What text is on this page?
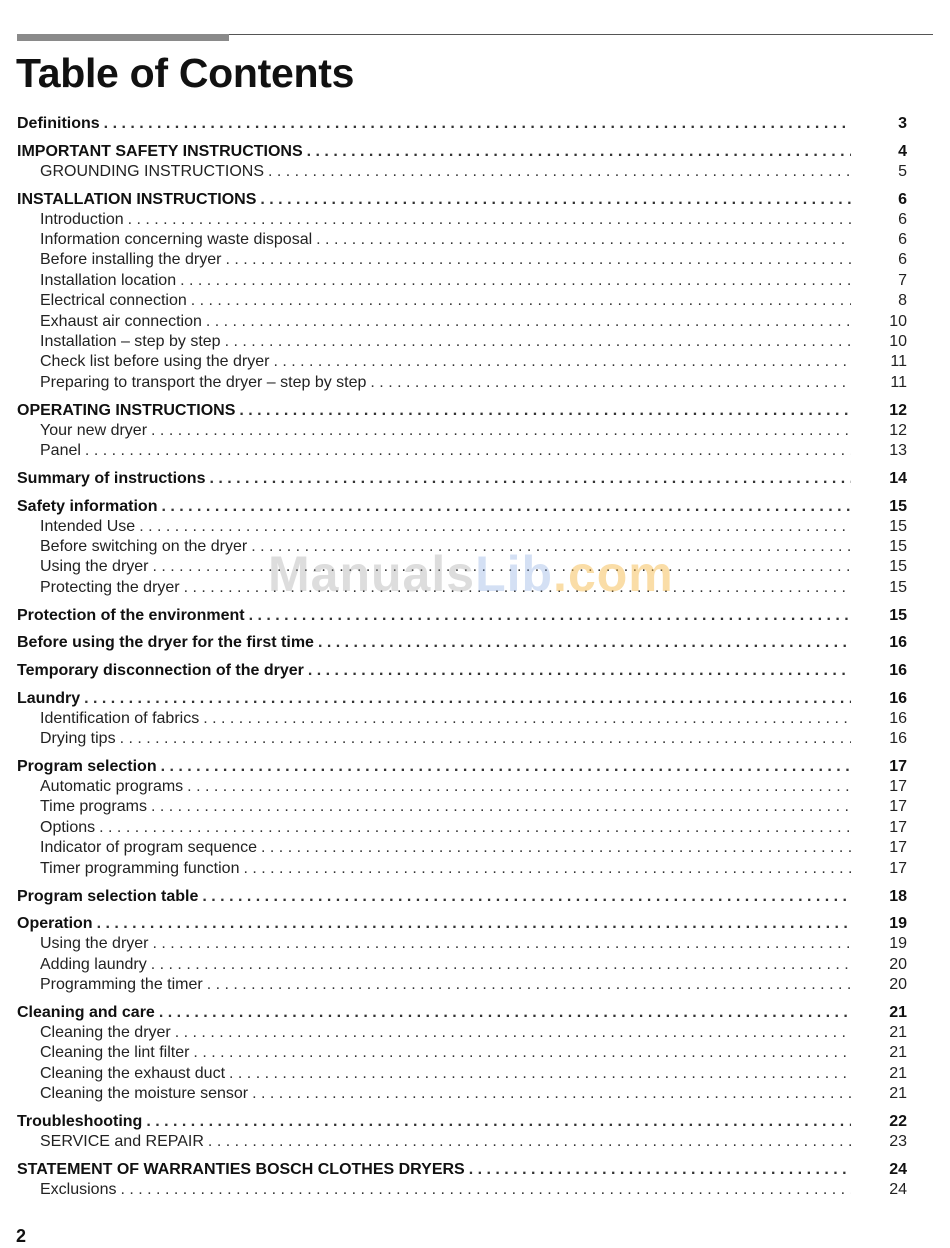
Table of Contents
Definitions . . .	3
IMPORTANT SAFETY INSTRUCTIONS . . .	4
GROUNDING INSTRUCTIONS . . .	5
INSTALLATION INSTRUCTIONS . . .	6
Introduction . . .	6
Information concerning waste disposal . . .	6
Before installing the dryer . . .	6
Installation location . . .	7
Electrical connection . . .	8
Exhaust air connection . . .	10
Installation – step by step . . .	10
Check list before using the dryer . . .	11
Preparing to transport the dryer – step by step . . .	11
OPERATING INSTRUCTIONS . . .	12
Your new dryer . . .	12
Panel . . .	13
Summary of instructions . . .	14
Safety information . . .	15
Intended Use . . .	15
Before switching on the dryer . . .	15
Using the dryer . . .	15
Protecting the dryer . . .	15
Protection of the environment . . .	15
Before using the dryer for the first time . . .	16
Temporary disconnection of the dryer . . .	16
Laundry . . .	16
Identification of fabrics . . .	16
Drying tips . . .	16
Program selection . . .	17
Automatic programs . . .	17
Time programs . . .	17
Options . . .	17
Indicator of program sequence . . .	17
Timer programming function . . .	17
Program selection table . . .	18
Operation . . .	19
Using the dryer . . .	19
Adding laundry . . .	20
Programming the timer . . .	20
Cleaning and care . . .	21
Cleaning the dryer . . .	21
Cleaning the lint filter . . .	21
Cleaning the exhaust duct . . .	21
Cleaning the moisture sensor . . .	21
Troubleshooting . . .	22
SERVICE and REPAIR . . .	23
STATEMENT OF WARRANTIES BOSCH CLOTHES DRYERS . . .	24
Exclusions . . .	24
ManualsLib.com
2
